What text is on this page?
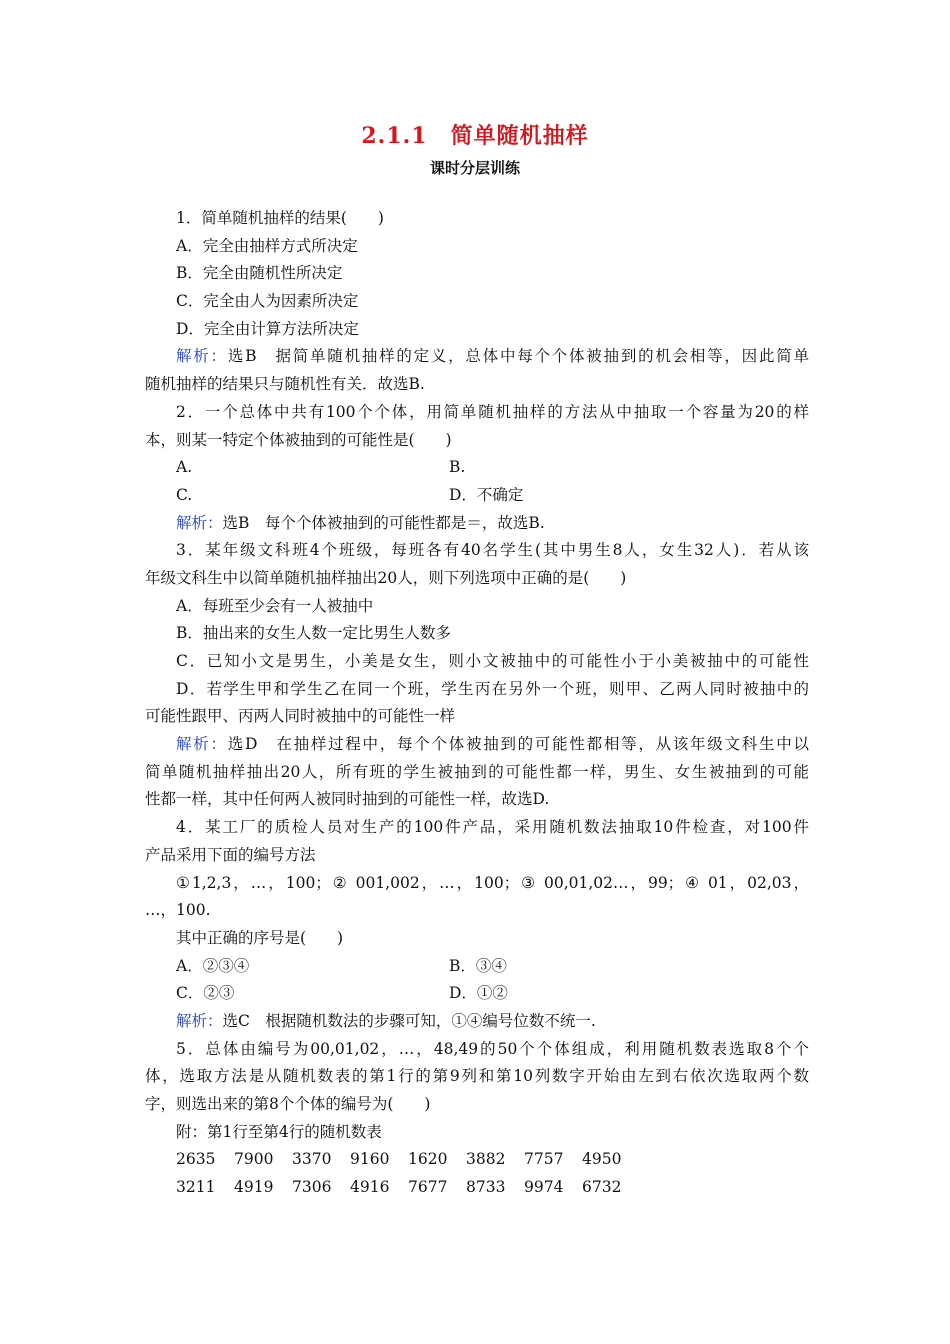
2.1.1　简单随机抽样
课时分层训练
1．简单随机抽样的结果(　　)
A．完全由抽样方式所决定
B．完全由随机性所决定
C．完全由人为因素所决定
D．完全由计算方法所决定
解析：选B　据简单随机抽样的定义，总体中每个个体被抽到的机会相等，因此简单
随机抽样的结果只与随机性有关．故选B.
2．一个总体中共有100个个体，用简单随机抽样的方法从中抽取一个容量为20的样
本，则某一特定个体被抽到的可能性是(　　)
A.	B.
C.	D．不确定
解析：选B　每个个体被抽到的可能性都是＝，故选B.
3．某年级文科班4个班级，每班各有40名学生(其中男生8人，女生32人)．若从该
年级文科生中以简单随机抽样抽出20人，则下列选项中正确的是(　　)
A．每班至少会有一人被抽中
B．抽出来的女生人数一定比男生人数多
C．已知小文是男生，小美是女生，则小文被抽中的可能性小于小美被抽中的可能性
D．若学生甲和学生乙在同一个班，学生丙在另外一个班，则甲、乙两人同时被抽中的
可能性跟甲、丙两人同时被抽中的可能性一样
解析：选D　在抽样过程中，每个个体被抽到的可能性都相等，从该年级文科生中以
简单随机抽样抽出20人，所有班的学生被抽到的可能性都一样，男生、女生被抽到的可能
性都一样，其中任何两人被同时抽到的可能性一样，故选D.
4．某工厂的质检人员对生产的100件产品，采用随机数法抽取10件检查，对100件
产品采用下面的编号方法
①1,2,3，…，100；② 001,002，…，100；③ 00,01,02…，99；④ 01，02,03，
…，100.
其中正确的序号是(　　)
A．②③④	B．③④
C．②③	D．①②
解析：选C　根据随机数法的步骤可知，①④编号位数不统一.
5．总体由编号为00,01,02，…，48,49的50个个体组成，利用随机数表选取8个个
体，选取方法是从随机数表的第1行的第9列和第10列数字开始由左到右依次选取两个数
字，则选出来的第8个个体的编号为(　　)
附：第1行至第4行的随机数表
2635	7900	3370	9160	1620	3882	7757	4950
3211	4919	7306	4916	7677	8733	9974	6732
